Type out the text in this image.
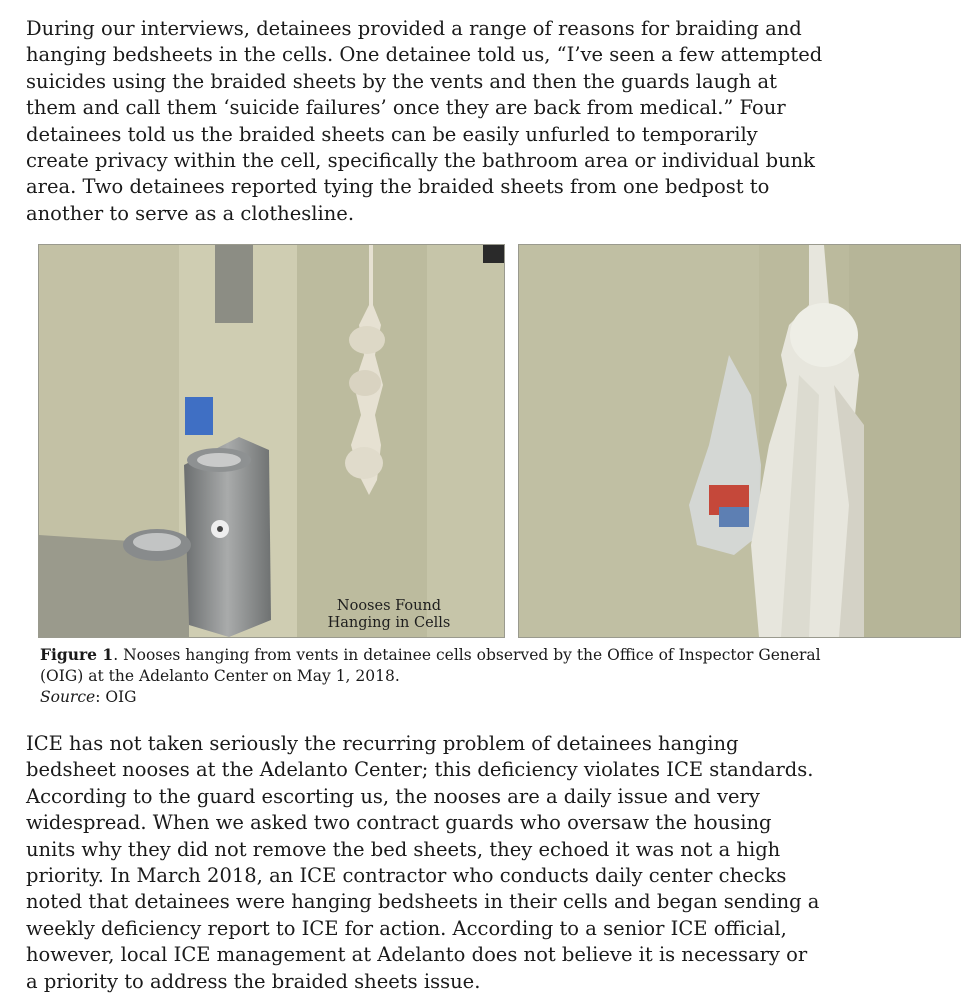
During our interviews, detainees provided a range of reasons for braiding and
hanging bedsheets in the cells. One detainee told us, “I’ve seen a few attempted
suicides using the braided sheets by the vents and then the guards laugh at
them and call them ‘suicide failures’ once they are back from medical.” Four
detainees told us the braided sheets can be easily unfurled to temporarily
create privacy within the cell, specifically the bathroom area or individual bunk
area. Two detainees reported tying the braided sheets from one bedpost to
another to serve as a clothesline.

Nooses Found
Hanging in Cells
Figure 1. Nooses hanging from vents in detainee cells observed by the Office of Inspector General
(OIG) at the Adelanto Center on May 1, 2018.
Source: OIG

ICE has not taken seriously the recurring problem of detainees hanging
bedsheet nooses at the Adelanto Center; this deficiency violates ICE standards.
According to the guard escorting us, the nooses are a daily issue and very
widespread. When we asked two contract guards who oversaw the housing
units why they did not remove the bed sheets, they echoed it was not a high
priority. In March 2018, an ICE contractor who conducts daily center checks
noted that detainees were hanging bedsheets in their cells and began sending a
weekly deficiency report to ICE for action. According to a senior ICE official,
however, local ICE management at Adelanto does not believe it is necessary or
a priority to address the braided sheets issue.
